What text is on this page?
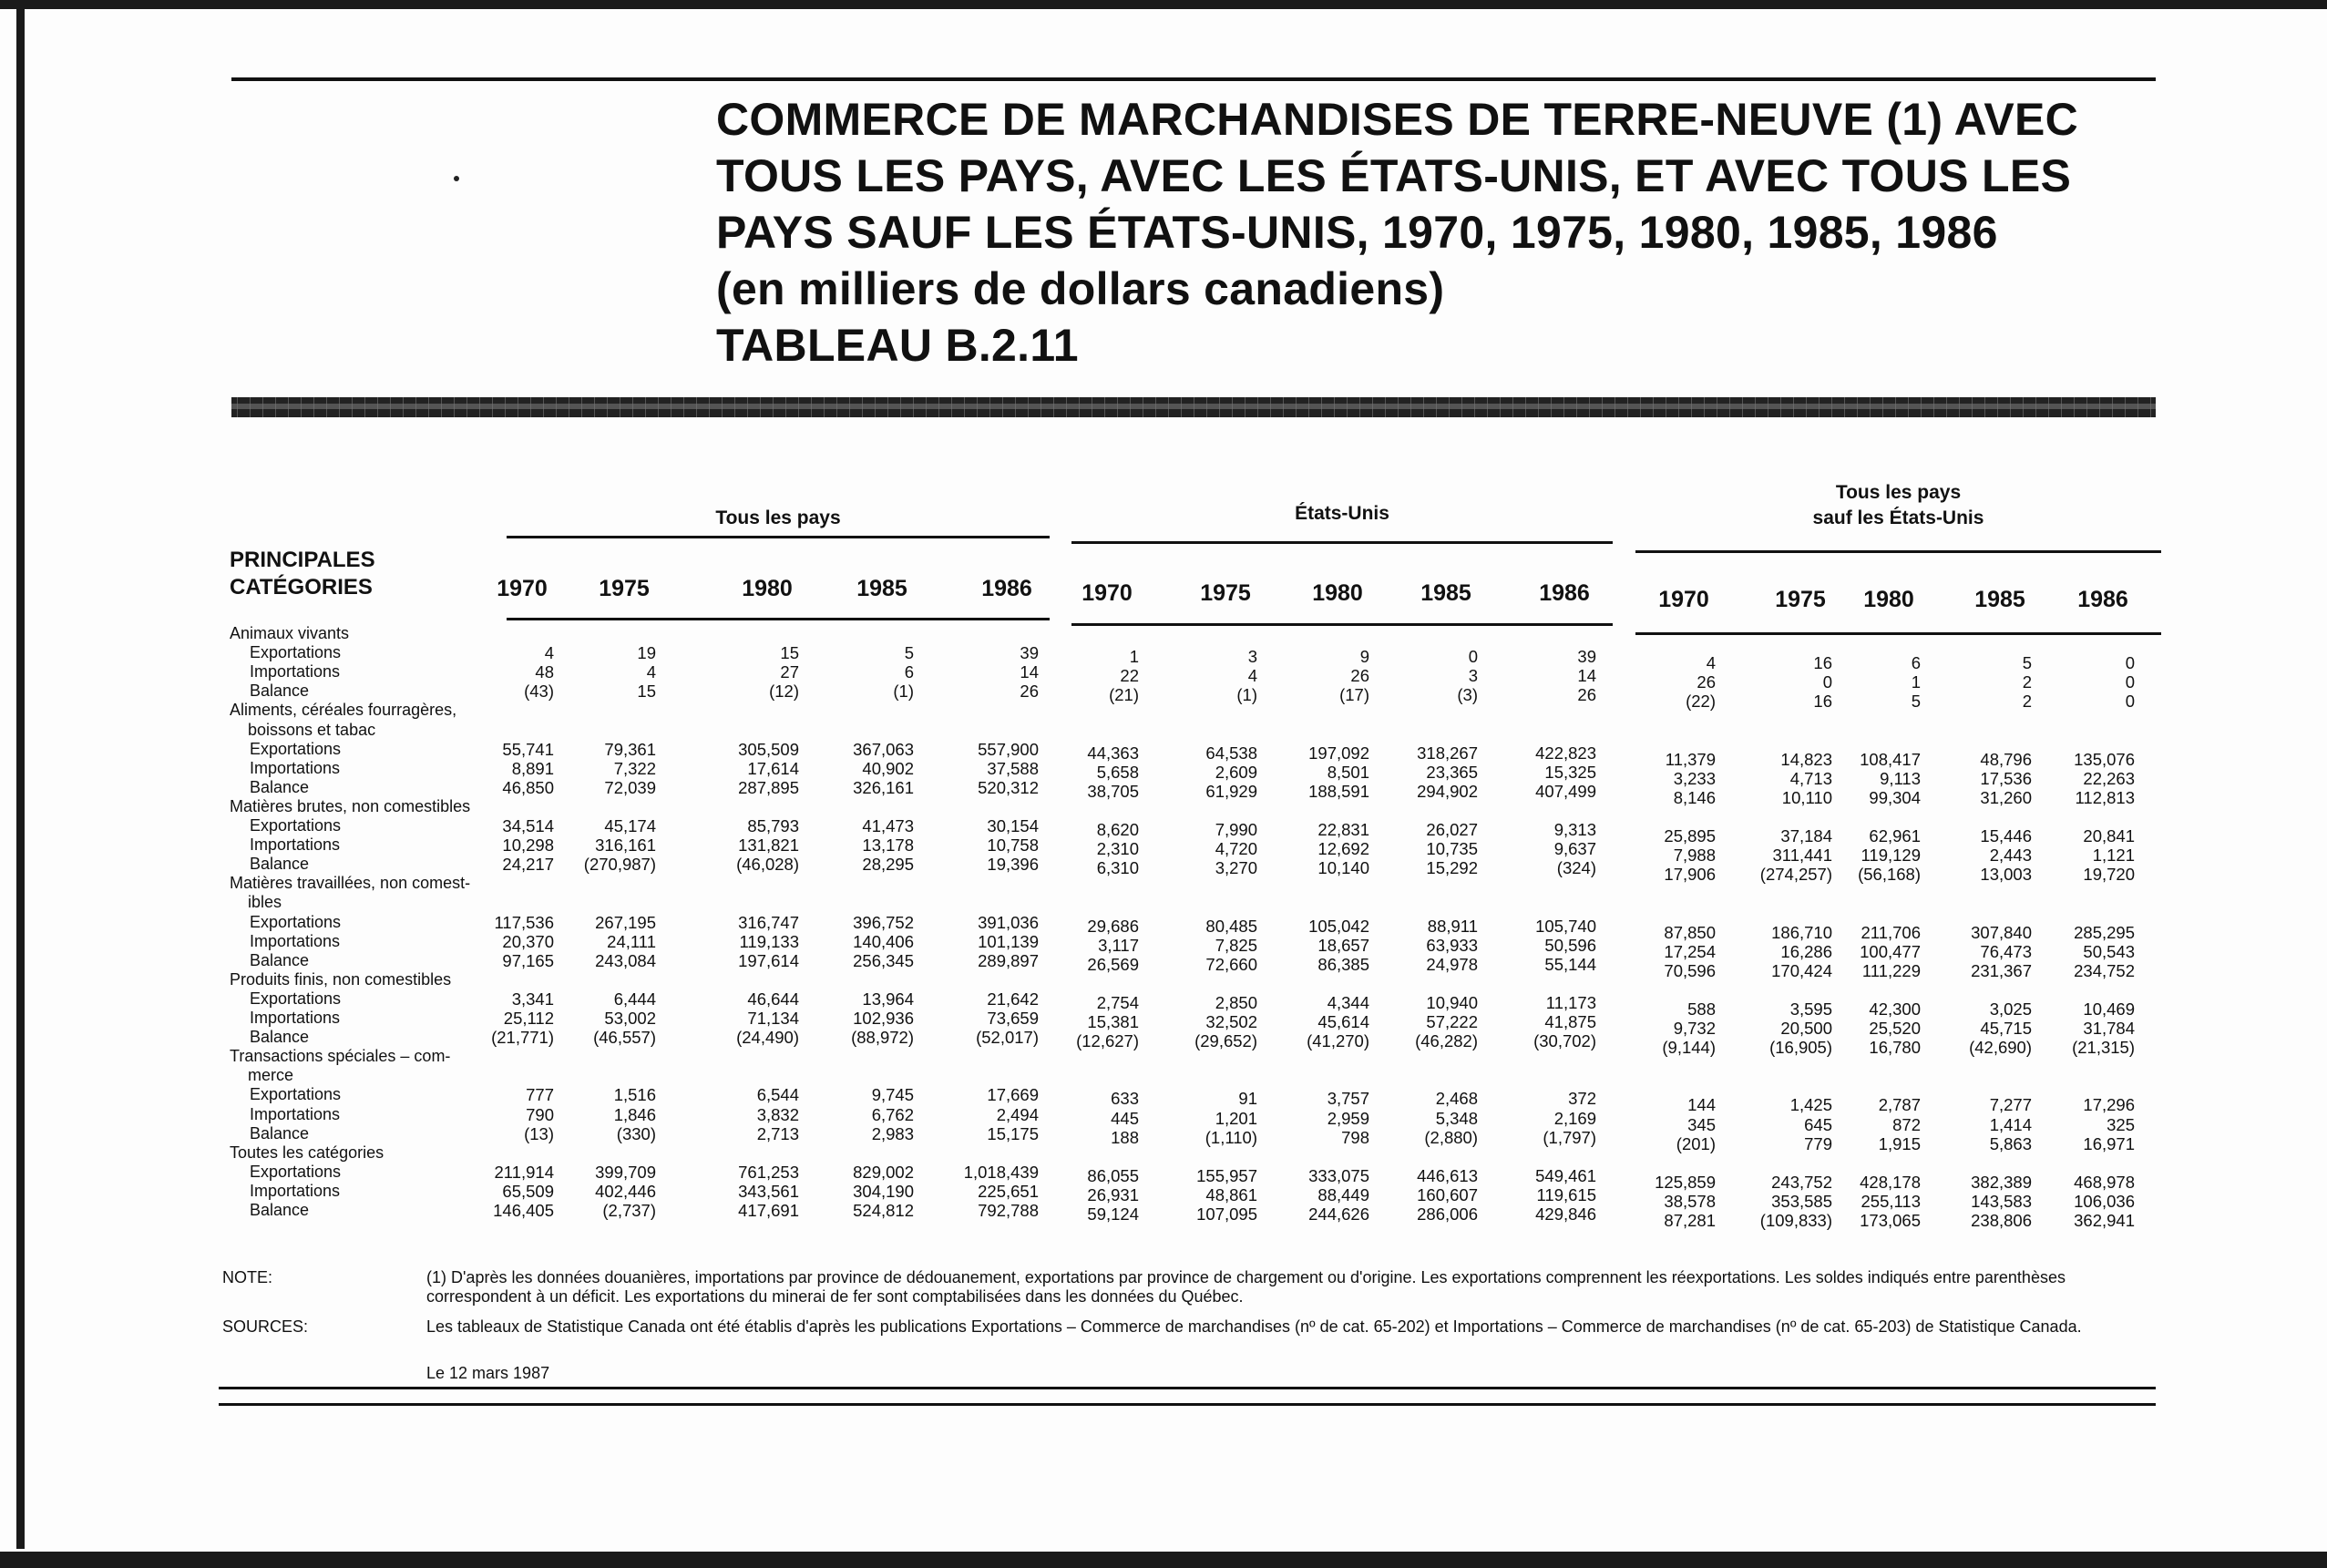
COMMERCE DE MARCHANDISES DE TERRE-NEUVE (1) AVEC
TOUS LES PAYS, AVEC LES ÉTATS-UNIS, ET AVEC TOUS LES
PAYS SAUF LES ÉTATS-UNIS, 1970, 1975, 1980, 1985, 1986
(en milliers de dollars canadiens)
TABLEAU B.2.11
PRINCIPALES
CATÉGORIES
Tous les pays
1970	1975	1980	1985	1986
États-Unis
1970	1975	1980	1985	1986
Tous les pays
sauf les États-Unis
1970	1975	1980	1985	1986
Animaux vivants
Exportations	4	19	15	5	39	1	3	9	0	39	4	16	6	5	0
Importations	48	4	27	6	14	22	4	26	3	14	26	0	1	2	0
Balance	(43)	15	(12)	(1)	26	(21)	(1)	(17)	(3)	26	(22)	16	5	2	0
Aliments, céréales fourragères,
boissons et tabac
Exportations	55,741	79,361	305,509	367,063	557,900	44,363	64,538	197,092	318,267	422,823	11,379	14,823	108,417	48,796	135,076
Importations	8,891	7,322	17,614	40,902	37,588	5,658	2,609	8,501	23,365	15,325	3,233	4,713	9,113	17,536	22,263
Balance	46,850	72,039	287,895	326,161	520,312	38,705	61,929	188,591	294,902	407,499	8,146	10,110	99,304	31,260	112,813
Matières brutes, non comestibles
Exportations	34,514	45,174	85,793	41,473	30,154	8,620	7,990	22,831	26,027	9,313	25,895	37,184	62,961	15,446	20,841
Importations	10,298	316,161	131,821	13,178	10,758	2,310	4,720	12,692	10,735	9,637	7,988	311,441	119,129	2,443	1,121
Balance	24,217	(270,987)	(46,028)	28,295	19,396	6,310	3,270	10,140	15,292	(324)	17,906	(274,257)	(56,168)	13,003	19,720
Matières travaillées, non comest-
ibles
Exportations	117,536	267,195	316,747	396,752	391,036	29,686	80,485	105,042	88,911	105,740	87,850	186,710	211,706	307,840	285,295
Importations	20,370	24,111	119,133	140,406	101,139	3,117	7,825	18,657	63,933	50,596	17,254	16,286	100,477	76,473	50,543
Balance	97,165	243,084	197,614	256,345	289,897	26,569	72,660	86,385	24,978	55,144	70,596	170,424	111,229	231,367	234,752
Produits finis, non comestibles
Exportations	3,341	6,444	46,644	13,964	21,642	2,754	2,850	4,344	10,940	11,173	588	3,595	42,300	3,025	10,469
Importations	25,112	53,002	71,134	102,936	73,659	15,381	32,502	45,614	57,222	41,875	9,732	20,500	25,520	45,715	31,784
Balance	(21,771)	(46,557)	(24,490)	(88,972)	(52,017)	(12,627)	(29,652)	(41,270)	(46,282)	(30,702)	(9,144)	(16,905)	16,780	(42,690)	(21,315)
Transactions spéciales – com-
merce
Exportations	777	1,516	6,544	9,745	17,669	633	91	3,757	2,468	372	144	1,425	2,787	7,277	17,296
Importations	790	1,846	3,832	6,762	2,494	445	1,201	2,959	5,348	2,169	345	645	872	1,414	325
Balance	(13)	(330)	2,713	2,983	15,175	188	(1,110)	798	(2,880)	(1,797)	(201)	779	1,915	5,863	16,971
Toutes les catégories
Exportations	211,914	399,709	761,253	829,002	1,018,439	86,055	155,957	333,075	446,613	549,461	125,859	243,752	428,178	382,389	468,978
Importations	65,509	402,446	343,561	304,190	225,651	26,931	48,861	88,449	160,607	119,615	38,578	353,585	255,113	143,583	106,036
Balance	146,405	(2,737)	417,691	524,812	792,788	59,124	107,095	244,626	286,006	429,846	87,281	(109,833)	173,065	238,806	362,941
NOTE:	(1) D'après les données douanières, importations par province de dédouanement, exportations par province de chargement ou d'origine. Les exportations comprennent les réexportations. Les soldes indiqués entre parenthèses correspondent à un déficit. Les exportations du minerai de fer sont comptabilisées dans les données du Québec.
SOURCES:	Les tableaux de Statistique Canada ont été établis d'après les publications Exportations – Commerce de marchandises (nº de cat. 65-202) et Importations – Commerce de marchandises (nº de cat. 65-203) de Statistique Canada.
Le 12 mars 1987
